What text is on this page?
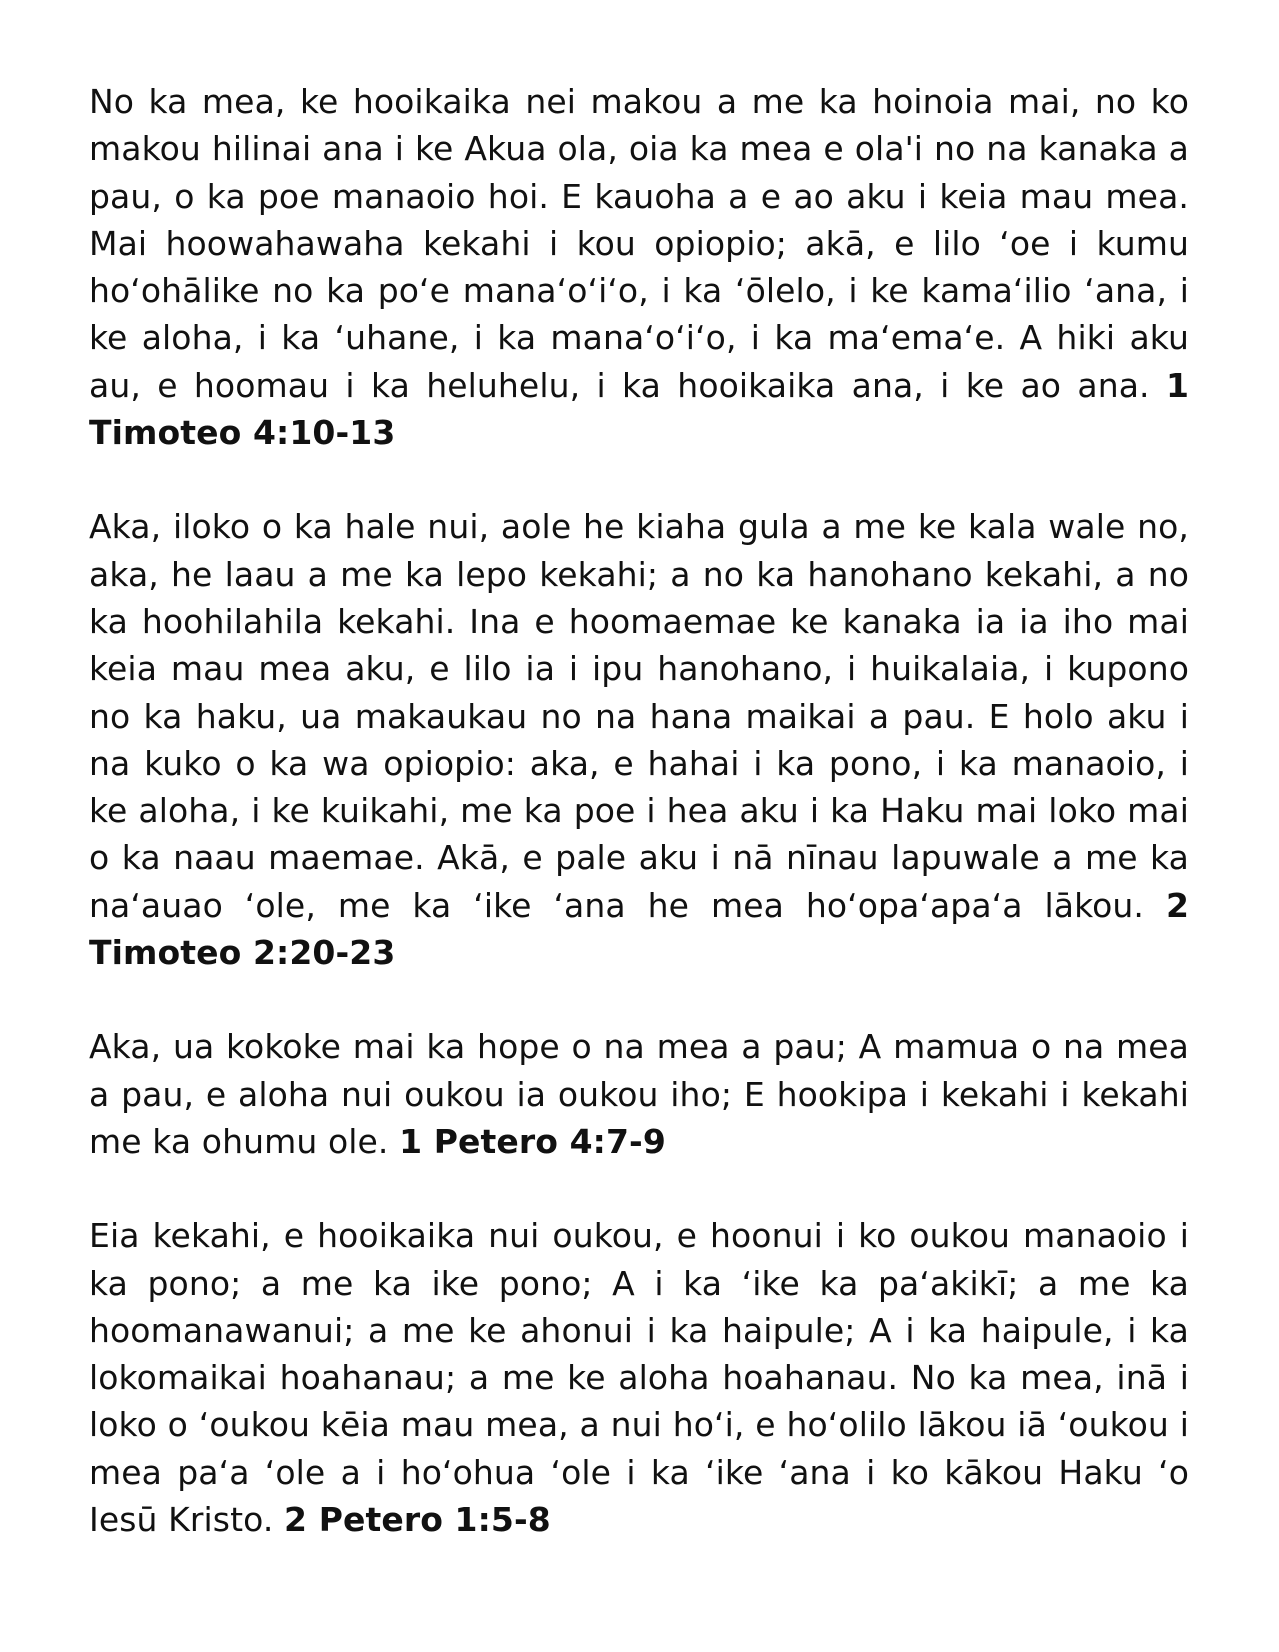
No ka mea, ke hooikaika nei makou a me ka hoinoia mai, no ko makou hilinai ana i ke Akua ola, oia ka mea e ola'i no na kanaka a pau, o ka poe manaoio hoi. E kauoha a e ao aku i keia mau mea. Mai hoowahawaha kekahi i kou opiopio; akā, e lilo ʻoe i kumu hoʻohālike no ka poʻe manaʻoʻiʻo, i ka ʻōlelo, i ke kamaʻilio ʻana, i ke aloha, i ka ʻuhane, i ka manaʻoʻiʻo, i ka maʻemaʻe. A hiki aku au, e hoomau i ka heluhelu, i ka hooikaika ana, i ke ao ana. 1 Timoteo 4:10-13

Aka, iloko o ka hale nui, aole he kiaha gula a me ke kala wale no, aka, he laau a me ka lepo kekahi; a no ka hanohano kekahi, a no ka hoohilahila kekahi. Ina e hoomaemae ke kanaka ia ia iho mai keia mau mea aku, e lilo ia i ipu hanohano, i huikalaia, i kupono no ka haku, ua makaukau no na hana maikai a pau. E holo aku i na kuko o ka wa opiopio: aka, e hahai i ka pono, i ka manaoio, i ke aloha, i ke kuikahi, me ka poe i hea aku i ka Haku mai loko mai o ka naau maemae. Akā, e pale aku i nā nīnau lapuwale a me ka naʻauao ʻole, me ka ʻike ʻana he mea hoʻopaʻapaʻa lākou. 2 Timoteo 2:20-23

Aka, ua kokoke mai ka hope o na mea a pau; A mamua o na mea a pau, e aloha nui oukou ia oukou iho; E hookipa i kekahi i kekahi me ka ohumu ole. 1 Petero 4:7-9

Eia kekahi, e hooikaika nui oukou, e hoonui i ko oukou manaoio i ka pono; a me ka ike pono; A i ka ʻike ka paʻakikī; a me ka hoomanawanui; a me ke ahonui i ka haipule; A i ka haipule, i ka lokomaikai hoahanau; a me ke aloha hoahanau. No ka mea, inā i loko o ʻoukou kēia mau mea, a nui hoʻi, e hoʻolilo lākou iā ʻoukou i mea paʻa ʻole a i hoʻohua ʻole i ka ʻike ʻana i ko kākou Haku ʻo Iesū Kristo. 2 Petero 1:5-8
